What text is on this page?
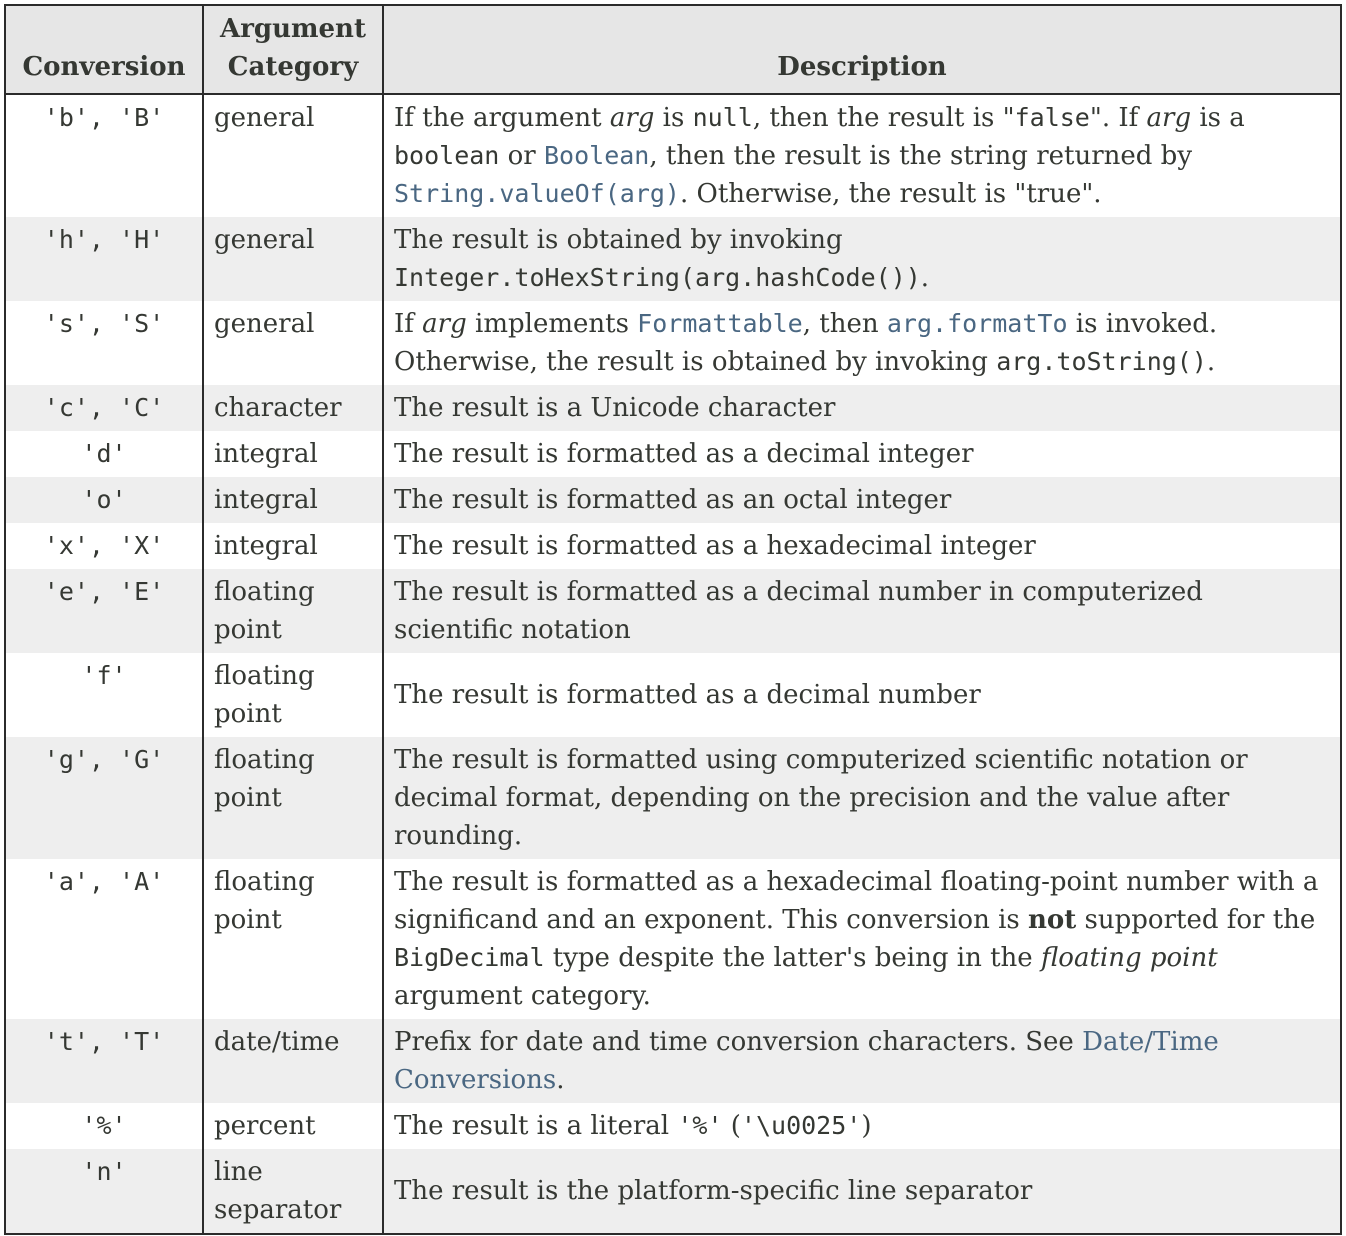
Conversion	Argument Category	Description
'b', 'B'	general	If the argument arg is null, then the result is "false". If arg is a boolean or Boolean, then the result is the string returned by String.valueOf(arg). Otherwise, the result is "true".
'h', 'H'	general	The result is obtained by invoking Integer.toHexString(arg.hashCode()).
's', 'S'	general	If arg implements Formattable, then arg.formatTo is invoked. Otherwise, the result is obtained by invoking arg.toString().
'c', 'C'	character	The result is a Unicode character
'd'	integral	The result is formatted as a decimal integer
'o'	integral	The result is formatted as an octal integer
'x', 'X'	integral	The result is formatted as a hexadecimal integer
'e', 'E'	floating point	The result is formatted as a decimal number in computerized scientific notation
'f'	floating point	The result is formatted as a decimal number
'g', 'G'	floating point	The result is formatted using computerized scientific notation or decimal format, depending on the precision and the value after rounding.
'a', 'A'	floating point	The result is formatted as a hexadecimal floating-point number with a significand and an exponent. This conversion is not supported for the BigDecimal type despite the latter's being in the floating point argument category.
't', 'T'	date/time	Prefix for date and time conversion characters. See Date/Time Conversions.
'%'	percent	The result is a literal '%' ('\u0025')
'n'	line separator	The result is the platform-specific line separator
